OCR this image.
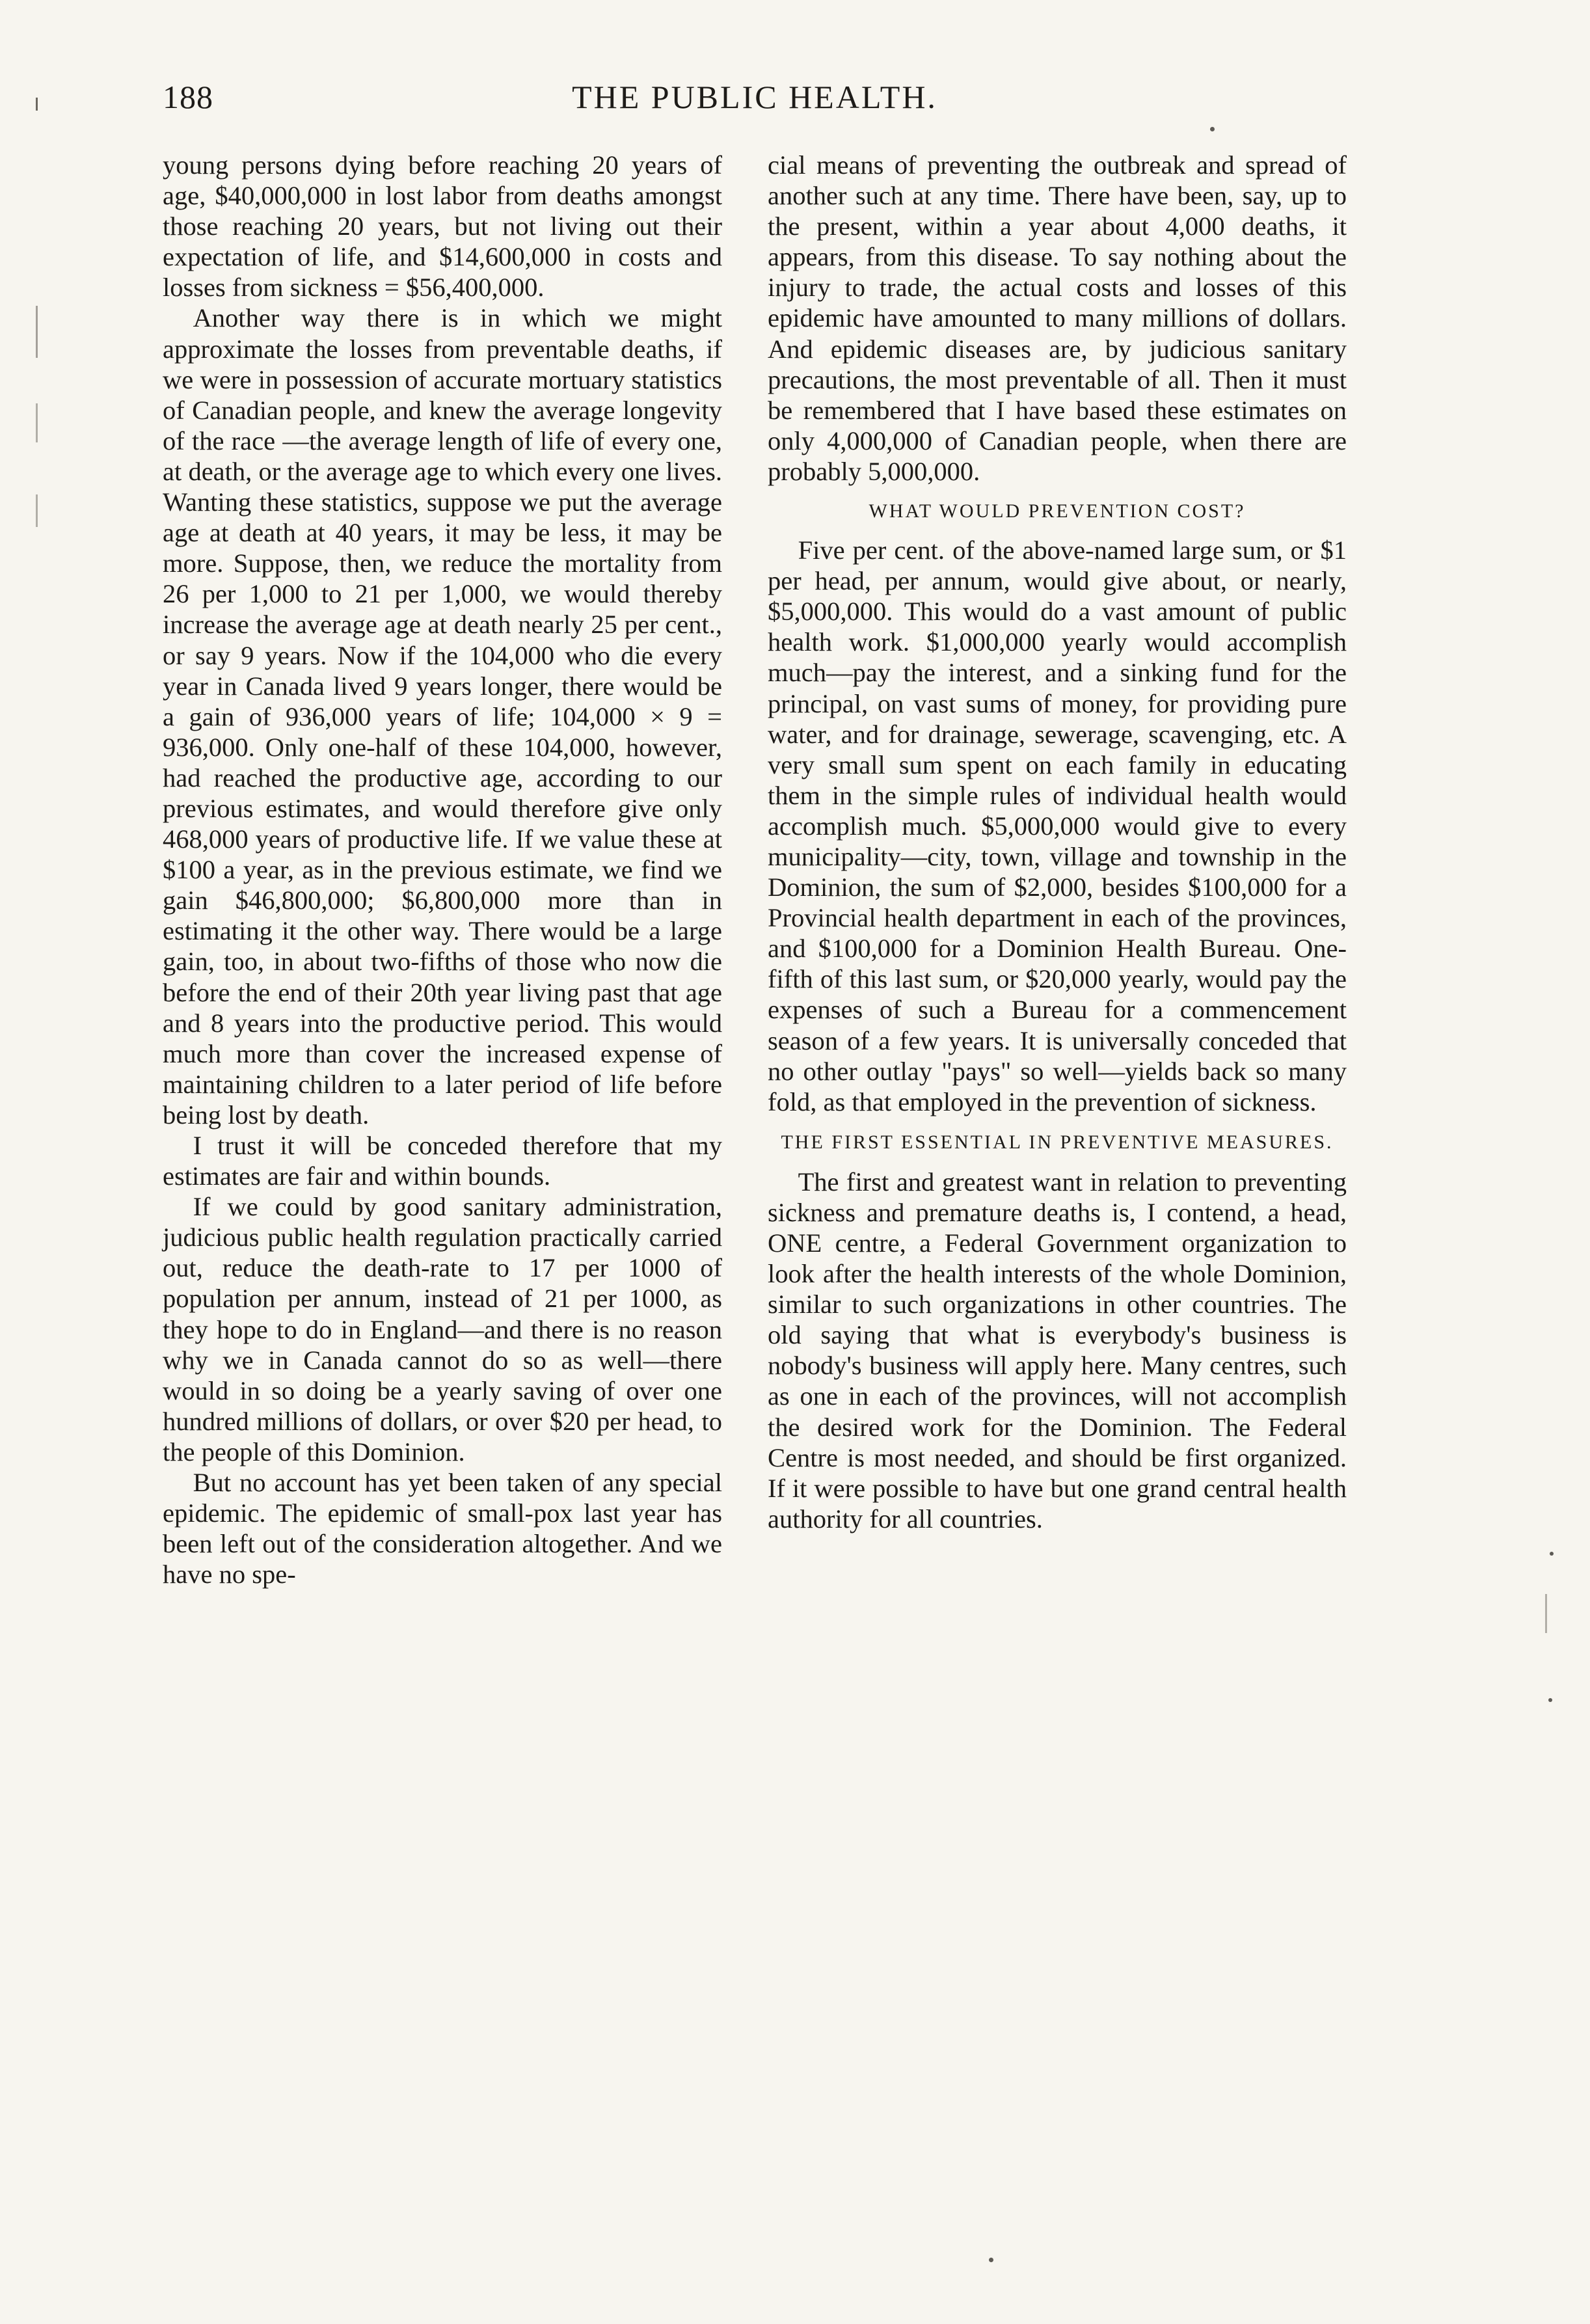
188	THE PUBLIC HEALTH.

young persons dying before reaching 20 years of age, $40,000,000 in lost labor from deaths amongst those reaching 20 years, but not living out their expectation of life, and $14,600,000 in costs and losses from sickness = $56,400,000.

Another way there is in which we might approximate the losses from preventable deaths, if we were in possession of accurate mortuary statistics of Canadian people, and knew the average longevity of the race —the average length of life of every one, at death, or the average age to which every one lives. Wanting these statistics, suppose we put the average age at death at 40 years, it may be less, it may be more. Suppose, then, we reduce the mortality from 26 per 1,000 to 21 per 1,000, we would thereby increase the average age at death nearly 25 per cent., or say 9 years. Now if the 104,000 who die every year in Canada lived 9 years longer, there would be a gain of 936,000 years of life; 104,000 × 9 = 936,000. Only one-half of these 104,000, however, had reached the productive age, according to our previous estimates, and would therefore give only 468,000 years of productive life. If we value these at $100 a year, as in the previous estimate, we find we gain $46,800,000; $6,800,000 more than in estimating it the other way. There would be a large gain, too, in about two-fifths of those who now die before the end of their 20th year living past that age and 8 years into the productive period. This would much more than cover the increased expense of maintaining children to a later period of life before being lost by death.

I trust it will be conceded therefore that my estimates are fair and within bounds.

If we could by good sanitary administration, judicious public health regulation practically carried out, reduce the death-rate to 17 per 1000 of population per annum, instead of 21 per 1000, as they hope to do in England—and there is no reason why we in Canada cannot do so as well—there would in so doing be a yearly saving of over one hundred millions of dollars, or over $20 per head, to the people of this Dominion.

But no account has yet been taken of any special epidemic. The epidemic of small-pox last year has been left out of the consideration altogether. And we have no spe-

cial means of preventing the outbreak and spread of another such at any time. There have been, say, up to the present, within a year about 4,000 deaths, it appears, from this disease. To say nothing about the injury to trade, the actual costs and losses of this epidemic have amounted to many millions of dollars. And epidemic diseases are, by judicious sanitary precautions, the most preventable of all. Then it must be remembered that I have based these estimates on only 4,000,000 of Canadian people, when there are probably 5,000,000.

WHAT WOULD PREVENTION COST?

Five per cent. of the above-named large sum, or $1 per head, per annum, would give about, or nearly, $5,000,000. This would do a vast amount of public health work. $1,000,000 yearly would accomplish much—pay the interest, and a sinking fund for the principal, on vast sums of money, for providing pure water, and for drainage, sewerage, scavenging, etc. A very small sum spent on each family in educating them in the simple rules of individual health would accomplish much. $5,000,000 would give to every municipality—city, town, village and township in the Dominion, the sum of $2,000, besides $100,000 for a Provincial health department in each of the provinces, and $100,000 for a Dominion Health Bureau. One-fifth of this last sum, or $20,000 yearly, would pay the expenses of such a Bureau for a commencement season of a few years. It is universally conceded that no other outlay "pays" so well—yields back so many fold, as that employed in the prevention of sickness.

THE FIRST ESSENTIAL IN PREVENTIVE MEASURES.

The first and greatest want in relation to preventing sickness and premature deaths is, I contend, a head, ONE centre, a Federal Government organization to look after the health interests of the whole Dominion, similar to such organizations in other countries. The old saying that what is everybody's business is nobody's business will apply here. Many centres, such as one in each of the provinces, will not accomplish the desired work for the Dominion. The Federal Centre is most needed, and should be first organized. If it were possible to have but one grand central health authority for all countries.
